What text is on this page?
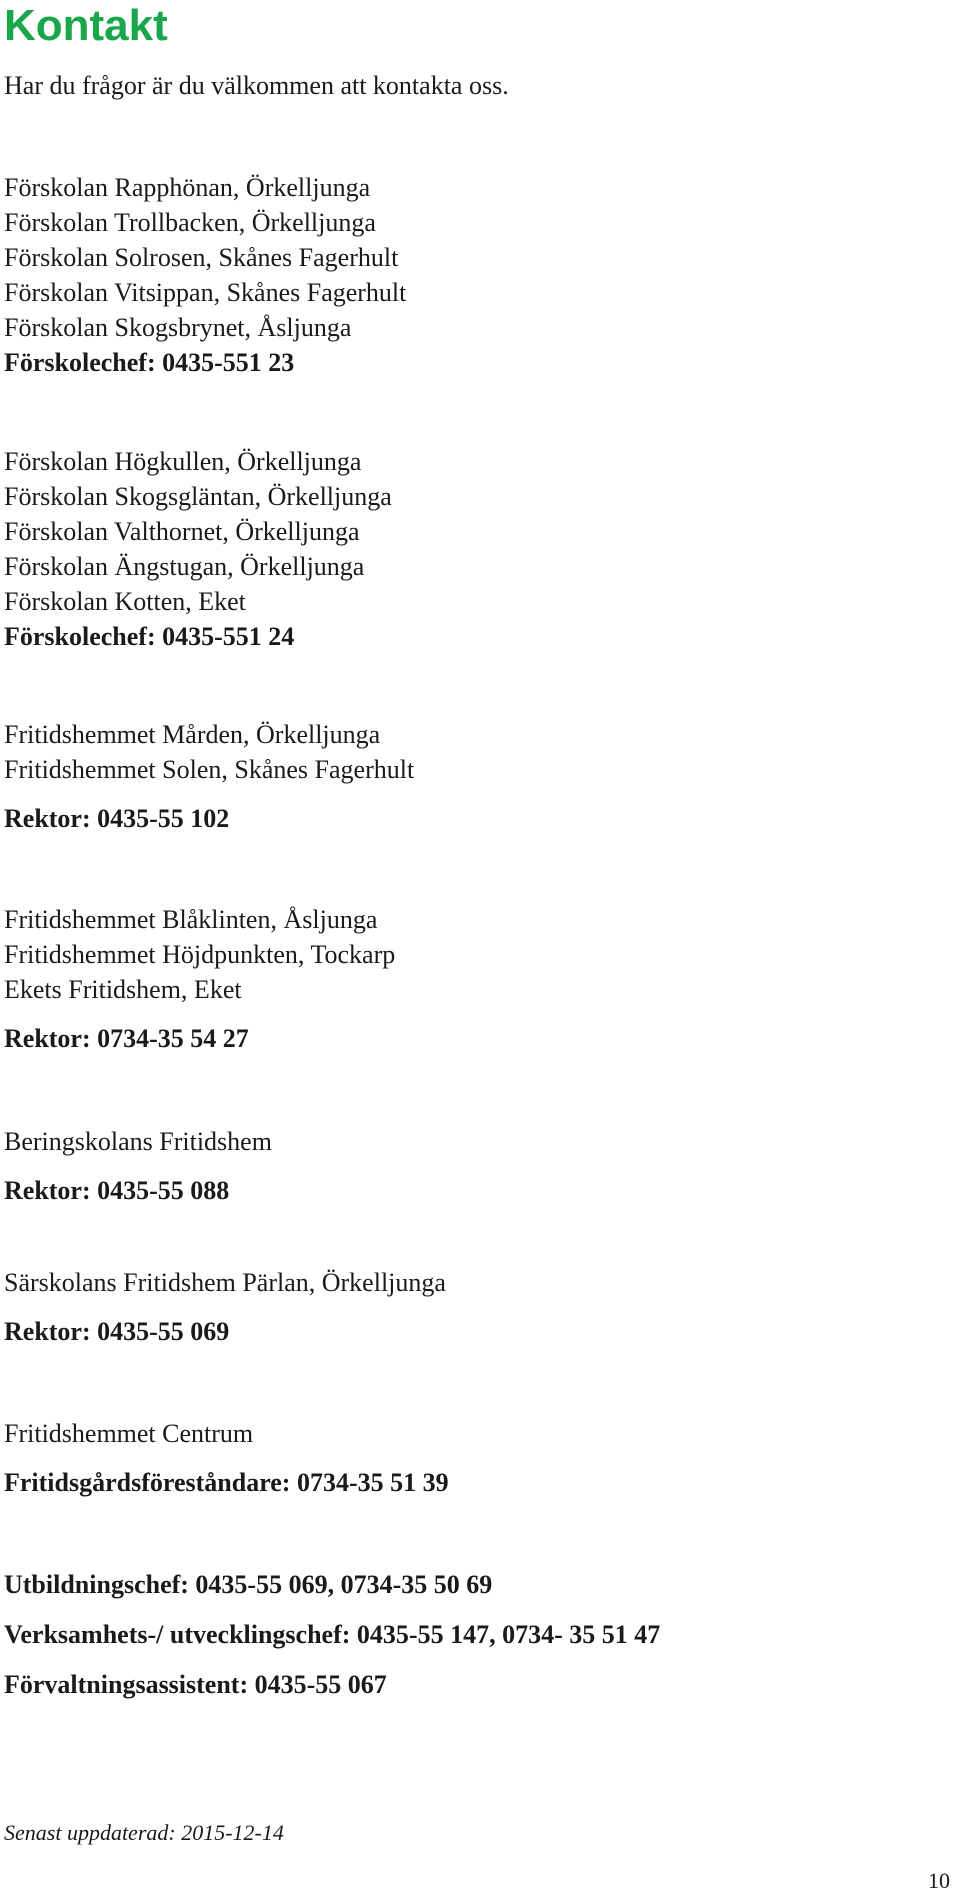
Kontakt

Har du frågor är du välkommen att kontakta oss.

Förskolan Rapphönan, Örkelljunga
Förskolan Trollbacken, Örkelljunga
Förskolan Solrosen, Skånes Fagerhult
Förskolan Vitsippan, Skånes Fagerhult
Förskolan Skogsbrynet, Åsljunga
Förskolechef: 0435-551 23
Förskolan Högkullen, Örkelljunga
Förskolan Skogsgläntan, Örkelljunga
Förskolan Valthornet, Örkelljunga
Förskolan Ängstugan, Örkelljunga
Förskolan Kotten, Eket
Förskolechef: 0435-551 24
Fritidshemmet Mården, Örkelljunga
Fritidshemmet Solen, Skånes Fagerhult
Rektor: 0435-55 102
Fritidshemmet Blåklinten, Åsljunga
Fritidshemmet Höjdpunkten, Tockarp
Ekets Fritidshem, Eket
Rektor: 0734-35 54 27
Beringskolans Fritidshem
Rektor: 0435-55 088
Särskolans Fritidshem Pärlan, Örkelljunga
Rektor: 0435-55 069
Fritidshemmet Centrum
Fritidsgårdsföreståndare: 0734-35 51 39
Utbildningschef: 0435-55 069, 0734-35 50 69
Verksamhets-/ utvecklingschef: 0435-55 147, 0734- 35 51 47
Förvaltningsassistent: 0435-55 067

Senast uppdaterad: 2015-12-14

10
